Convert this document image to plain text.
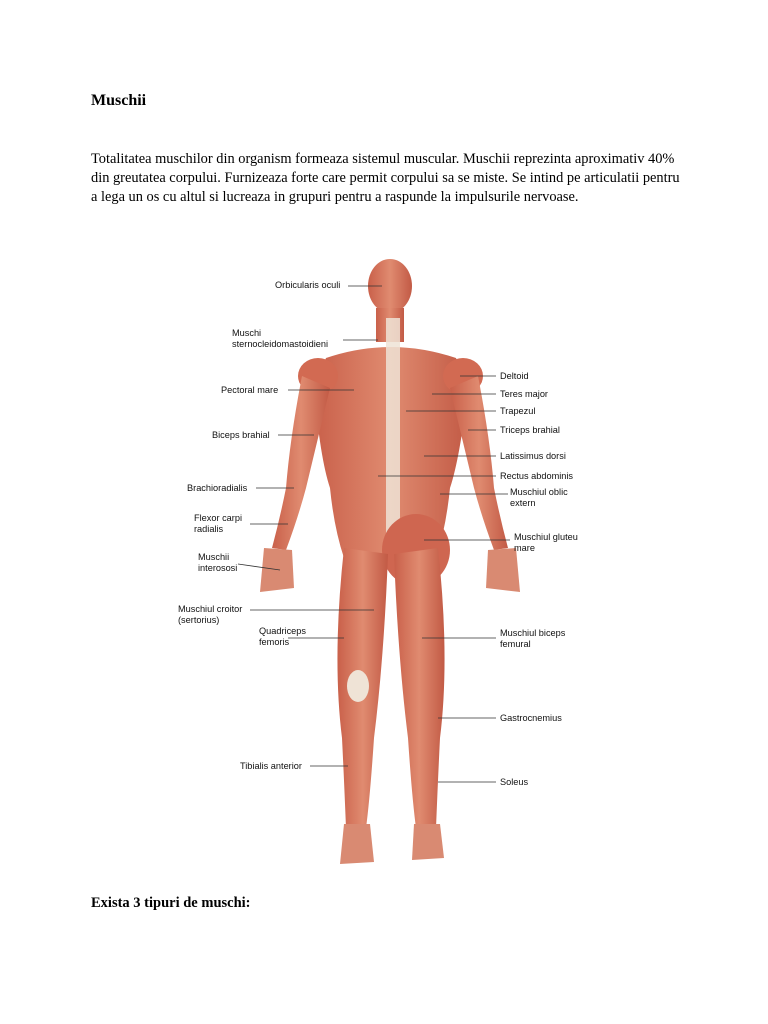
Muschii

Totalitatea muschilor din organism formeaza sistemul muscular. Muschii reprezinta aproximativ 40% din greutatea corpului. Furnizeaza forte care permit corpului sa se miste. Se intind pe articulatii pentru a lega un os cu altul si lucreaza in grupuri pentru a raspunde la impulsurile nervoase.

Orbicularis oculi
Muschi
sternocleidomastoidieni
Pectoral mare
Biceps brahial
Brachioradialis
Flexor carpi
radialis
Muschii
interososi
Muschiul croitor
(sertorius)
Quadriceps
femoris
Tibialis anterior
Deltoid
Teres major
Trapezul
Triceps brahial
Latissimus dorsi
Rectus abdominis
Muschiul oblic
extern
Muschiul gluteu
mare
Muschiul biceps
femural
Gastrocnemius
Soleus
Exista 3 tipuri de muschi:
